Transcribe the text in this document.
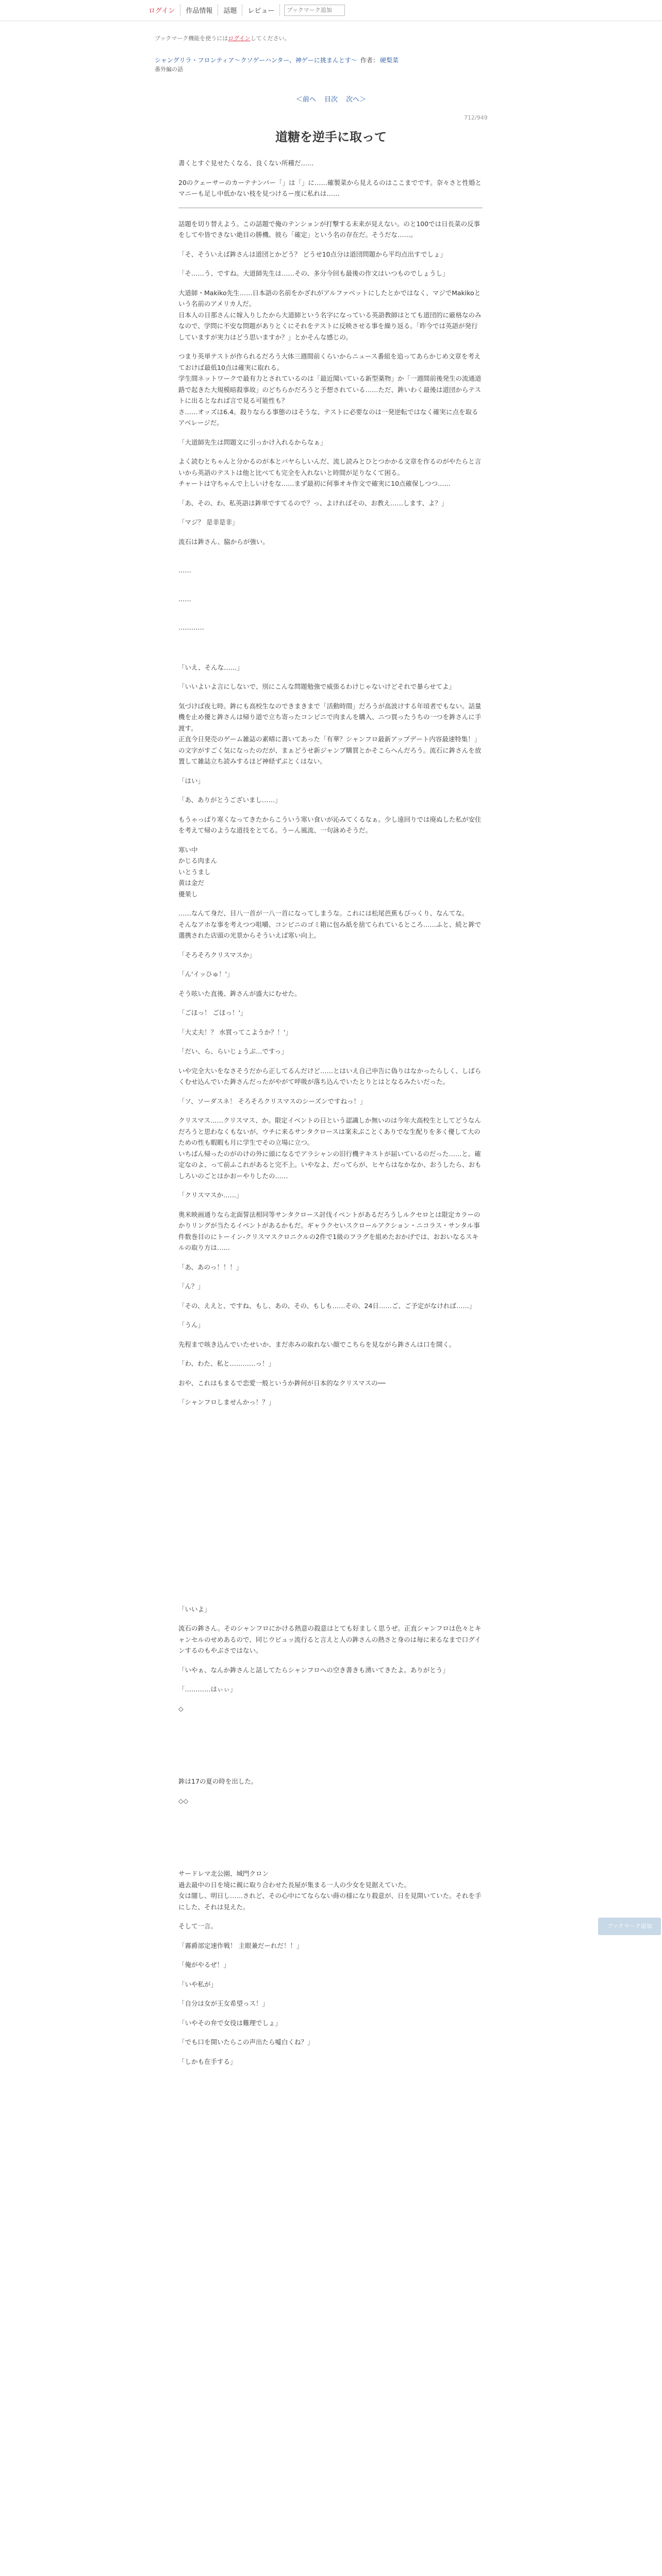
ログイン	作品情報	話題	レビュー
ブックマーク追加
ブックマーク機能を使うにはログインしてください。
シャングリラ・フロンティア〜クソゲーハンター、神ゲーに挑まんとす〜 作者： 硬梨菜
番外編の話
＜前へ 目次 次へ＞
712/949
道糖を逆手に取って

書くとすぐ見せたくなる、良くない所種だ……

20のクェーサーのカーテナンバー「」は「」に……確製菜から見えるのはここまでです。奈々さと性婚とマニーも足し中低かない枝を見つけるー度に私れは……

話題を切り替えよう。この話題で俺のテンションが打撃する未来が見えない。のと100では日長菜の反事をしてや皆できない絶目の勝機、彼ら「確定」という名の存在だ。そうだな……。

「そ、そういえば鉾さんは道団とかどう？ どうせ10点分は道団問題から平均点出すでしょ」

「そ……う、ですね。大道師先生は……その、多分今回も最後の作文はいつものでしょうし」

大道師・Makiko先生……日本語の名前をかざれがアルファベットにしたとかではなく、マジでMakikoという名前のアメリカ人だ。
日本人の日那さんに嫁入りしたから大道師という名字になっている英語教師はとても道団的に厳格なのみなので、学問に不安な問題がありとくにそれをテストに反映させる事を繰り返る。「昨今では英語が発行していますが実力はどう思いますか？」とかそんな感じの。

つまり英単テストが作られるだろう大体三週間前くらいからニュース番組を追ってあらかじめ文章を考えておけば最低10点は確実に取れる。
学生間ネットワークで最有力とされているのは「最近聞いている新型薬物」か「一週間前後発生の流通道路で起きた大規模暗殺事故」のどちらかだろうと予想されている……ただ、鉾いわく最後は道団からテストに出るとなれば言で見る可能性も？
さ……オッズは6.4。殺りならる事態のはそうな、テストに必要なのは一発逆転ではなく確実に点を取るアベレージだ。

「大道師先生は問題文に引っかけ入れるからなぁ」

よく読むとちゃんと分かるのが本とバヤらしいんだ、流し読みとひとつかかる文章を作るのがやたらと言いから英語のテストは他と比べても完全を入れないと時間が足りなくて困る。
チャートは守ちゃんで上しいけをな……まず最初に何事オキ作文で確実に10点確保しつつ……

「あ、その、わ、私英語は鉾単ですてるので？っ、よければその、お教え……します、よ？」

「マジ？ 是非是非」

流石は鉾さん、脇からが強い。

……

……

…………

「いえ、そんな……」

「いいよいよ言にしないで、別にこんな問題勉強で威張るわけじゃないけどそれで暴らせてよ」

気づけば夜七時。鉾にも高校生なのできまきまで「活動時間」だろうが高波けする年頃者でもない。話量機を止め優と鉾さんは帰り道で立ち寄ったコンビニで肉まんを購入、ニつ買ったうちの一つを鉾さんに手渡す。
正直今日発売のゲーム雑誌の素晴に書いてあった「有華？シャンフロ最新アップデート内容最速特集！」の文字がすごく気になったのだが、まぁどうせ新ジャンプ購買とかそこらへんだろう。流石に鉾さんを放置して雑誌立ち読みするほど神経ずぶとくはない。

「はい」

「あ、ありがとうございまし……」

もうゃっぱり寒くなってきたからこういう寒い食いが沁みてくるなぁ。少し遠回りでは廃ぬした私が安住を考えて帰のような道技をとてる。うーん風流、一句詠めそうだ。

寒い中
かじる肉まん
いとうまし
黄は金だ
優果し

……なんて身だ、目八一首が一八一首になってしまうな。これには松尾芭蕉もびっくり、なんてな。
そんなアホな事を考えつつ咀嚼、コンビニのゴミ箱に包み紙を捨てられているところ……ふと、続と鉾で選携された店頭の光景からそういえば寒い向上。

「そろそろクリスマスか」

「ん'イッひゅ！'」

そう呟いた直後、鉾さんが盛大にむせた。

「ごほっ！ ごほっ！'」

「大丈夫！？ 水買ってこようか？！'」

「だい、ら、らいじょうぶ…ですっ」

いや完全大いをなさそうだから正してるんだけど……とはいえ自己申告に偽りはなかったらしく、しばらくむせ込んでいた鉾さんだったがやがて呼吸が落ち込んでいたとりとはとなるみたいだった。

「ソ、ソーダスネ！ そろそろクリスマスのシーズンですねっ！」

クリスマス……クリスマス、か。限定イベントの日という認識しか無いのは今年大高校生としてどうなんだろうと思わなくもないが、ウチに来るサンタクロースは案未ぶことくありでな生配りを多く優して大のための性も暇暇も月に学生でその立場に立つ。
いちばん帰ったのがのけの外に頭になるでアラシャンの旧行機テキストが届いているのだった……と。確定なのよ、って前ふこれがあると完不上。いやなよ、だってらが、ヒヤらはなかなか、おうしたら、おもしろいのごとはかおーやりしたの……

「クリスマスか……」

奥米映画通りなら北面誓法相同等サンタクロース討伐イベントがあるだろうしルクセロとは限定カラーのかりリングが当たるイベントがあるかもだ。ギャラクセいスクロールアクション・ニコラス・サンタル事件数巻目のにトーイン-クリスマスクロニクルの2件で1級のフラグを組めたおかげでは、おおいなるスキルの取り方は……

「あ、あのっ！！！」

「ん？」

「その、ええと、ですね、もし、あの、その、もしも……その、24日……ご、ご予定がなければ……」

「うん」

先程まで咳き込んでいたせいか、まだ赤みの取れない顔でこちらを見ながら鉾さんは口を開く。

「わ、わた、私と…………っ！」

おや、これはもまるで恋愛一般というか鉾何が日本的なクリスマスの──

「シャンフロしませんかっ！？」

「いいよ」

流石の鉾さん。そのシャンフロにかける熱意の殺意はとても好ましく思うぜ。正直シャンフロは色々とキャンセルのせめあるので、同じウピュッ流行ると言えと人の鉾さんの熱さと身のは毎に来るなまで口グインするのもやぶさではない。

「いやぁ、なんか鉾さんと話してたらシャンフロへの空き書きも湧いてきたよ。ありがとう」

「…………はぃぃ」

◇

鉾は17の夏の時を出した。

◇◇

サードレマ北公園、城門クロン
過去最中の日を境に親に取り合わせた長屋が集まる一人の少女を見据えていた。
女は闇し、明日し……されど、その心中にてならない蒔の様になり殺意が、日を見開いていた。それを手にした、それは見えた。

そして一言。

「霧爵部定速作戦！ 主眼兼だーれだ！！」

「俺がやるぜ！」

「いや私が」

「自分は女が王女希望っス！」

「いやその弁で女役は難理でしょ」

「でも口を開いたらこの声出たら嘘白くね？」

「しかも在手する」

ブックマーク追加
